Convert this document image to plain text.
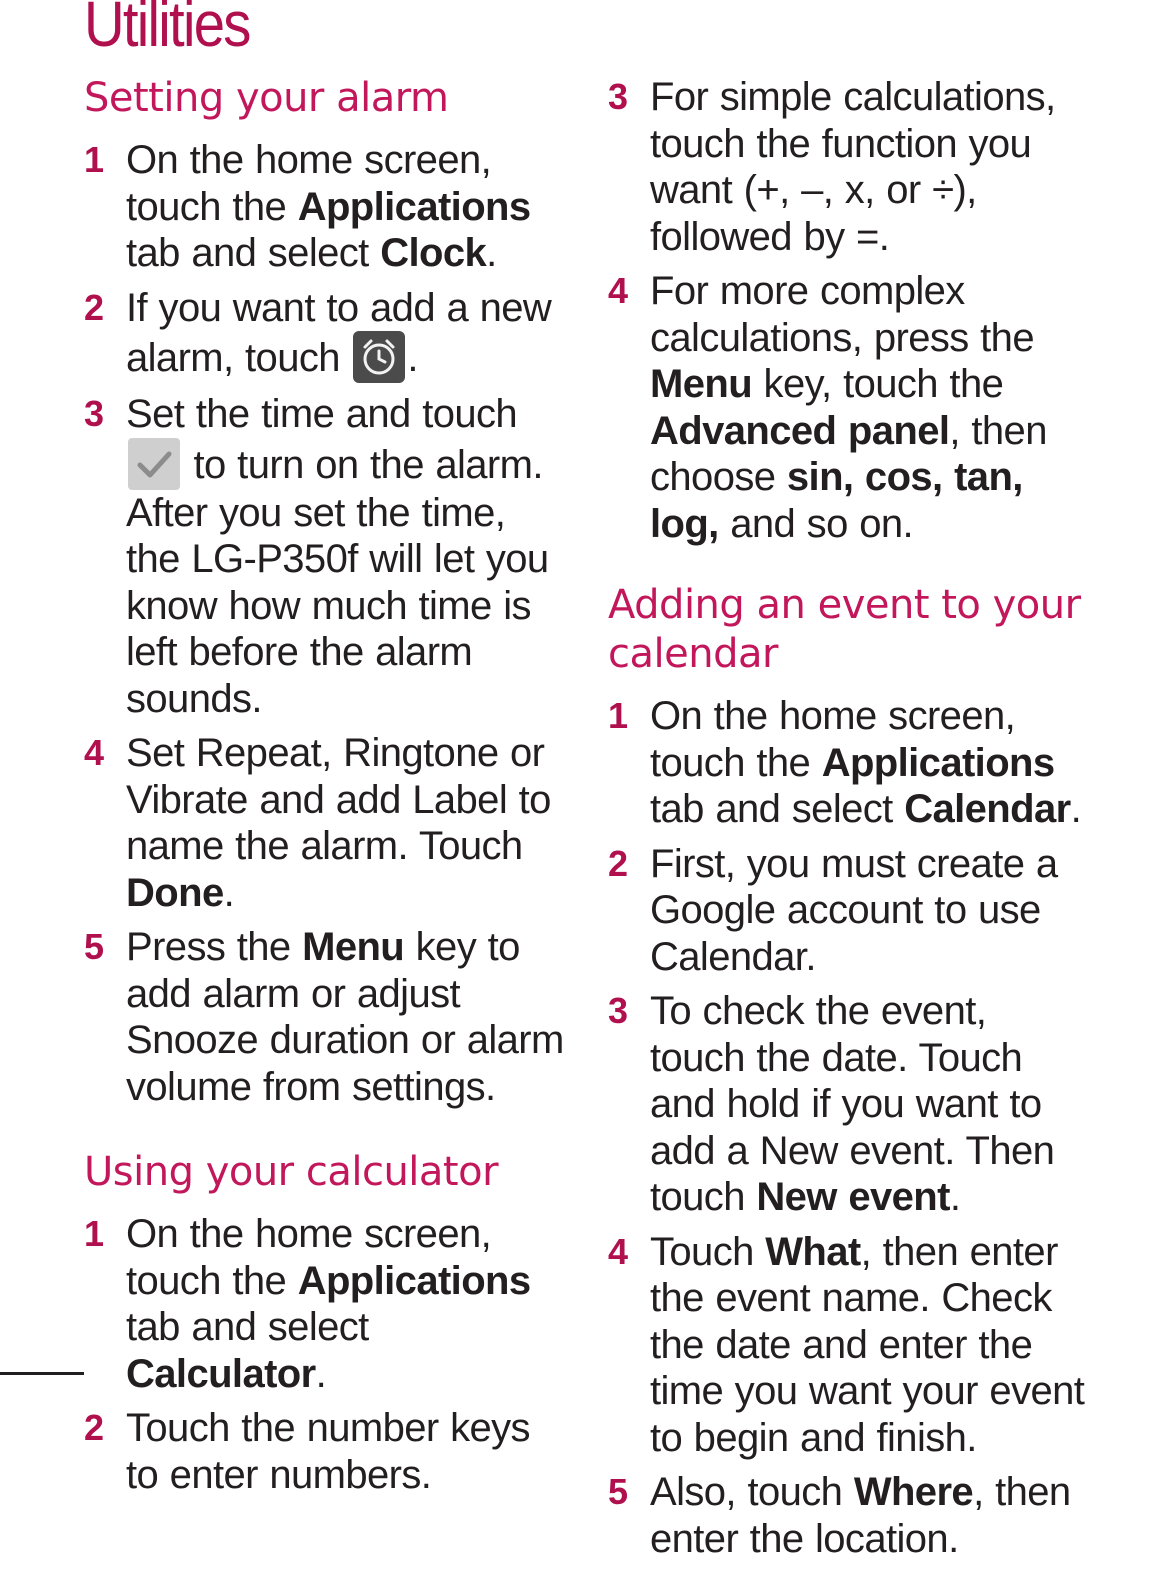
Utilities
Setting your alarm
1 On the home screen, touch the Applications tab and select Clock.
2 If you want to add a new alarm, touch .
3 Set the time and touch  to turn on the alarm. After you set the time, the LG-P350f will let you know how much time is left before the alarm sounds.
4 Set Repeat, Ringtone or Vibrate and add Label to name the alarm. Touch Done.
5 Press the Menu key to add alarm or adjust Snooze duration or alarm volume from settings.
Using your calculator
1 On the home screen, touch the Applications tab and select Calculator.
2 Touch the number keys to enter numbers.
3 For simple calculations, touch the function you want (+, –, x, or ÷), followed by =.
4 For more complex calculations, press the Menu key, touch the Advanced panel, then choose sin, cos, tan, log, and so on.
Adding an event to your calendar
1 On the home screen, touch the Applications tab and select Calendar.
2 First, you must create a Google account to use Calendar.
3 To check the event, touch the date. Touch and hold if you want to add a New event. Then touch New event.
4 Touch What, then enter the event name. Check the date and enter the time you want your event to begin and finish.
5 Also, touch Where, then enter the location.
